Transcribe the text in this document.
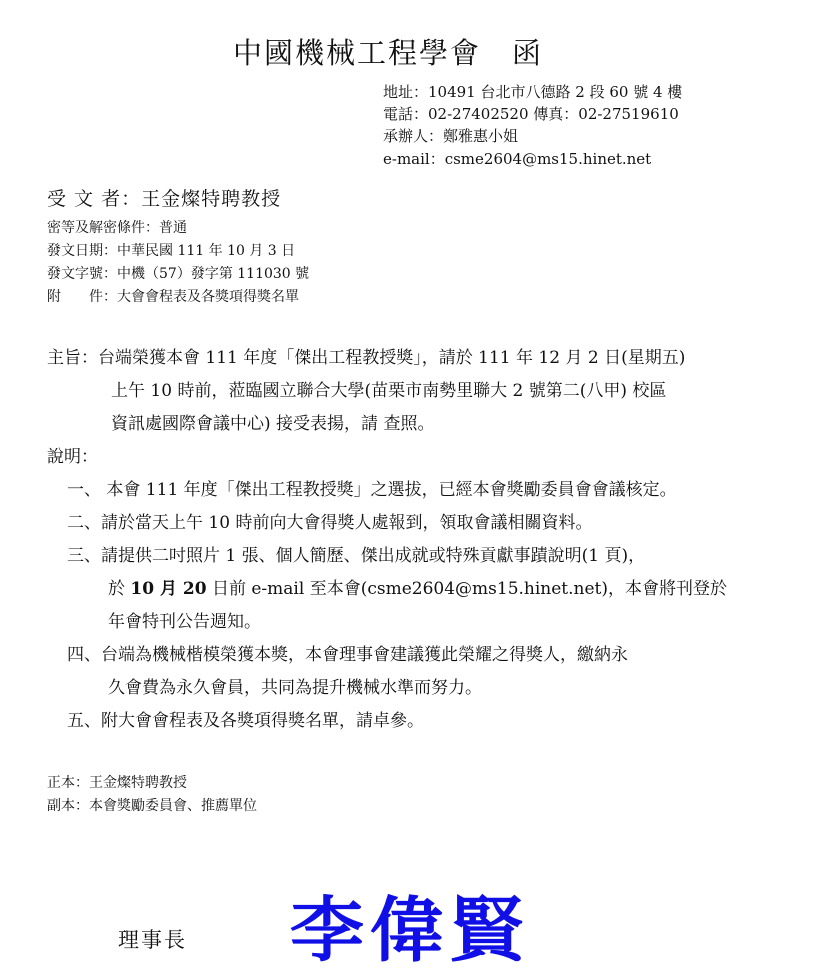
中國機械工程學會　函
地址：10491 台北市八德路 2 段 60 號 4 樓
電話：02-27402520 傳真：02-27519610
承辦人：鄭雅惠小姐
e-mail：csme2604@ms15.hinet.net
受 文 者：王金燦特聘教授
密等及解密條件：普通
發文日期：中華民國 111 年 10 月 3 日
發文字號：中機（57）發字第 111030 號
附　　件：大會會程表及各獎項得獎名單
主旨：台端榮獲本會 111 年度「傑出工程教授獎」，請於 111 年 12 月 2 日(星期五)
上午 10 時前，蒞臨國立聯合大學(苗栗市南勢里聯大 2 號第二(八甲) 校區
資訊處國際會議中心) 接受表揚，請 查照。
說明：
一、 本會 111 年度「傑出工程教授獎」之選拔，已經本會獎勵委員會會議核定。
二、請於當天上午 10 時前向大會得獎人處報到，領取會議相關資料。
三、請提供二吋照片 1 張、個人簡歷、傑出成就或特殊貢獻事蹟說明(1 頁)，
於 10 月 20 日前 e-mail 至本會(csme2604@ms15.hinet.net)，本會將刊登於
年會特刊公告週知。
四、台端為機械楷模榮獲本獎，本會理事會建議獲此榮耀之得獎人，繳納永
久會費為永久會員，共同為提升機械水準而努力。
五、附大會會程表及各獎項得獎名單，請卓參。
正本：王金燦特聘教授
副本：本會獎勵委員會、推薦單位
理事長 李偉賢
